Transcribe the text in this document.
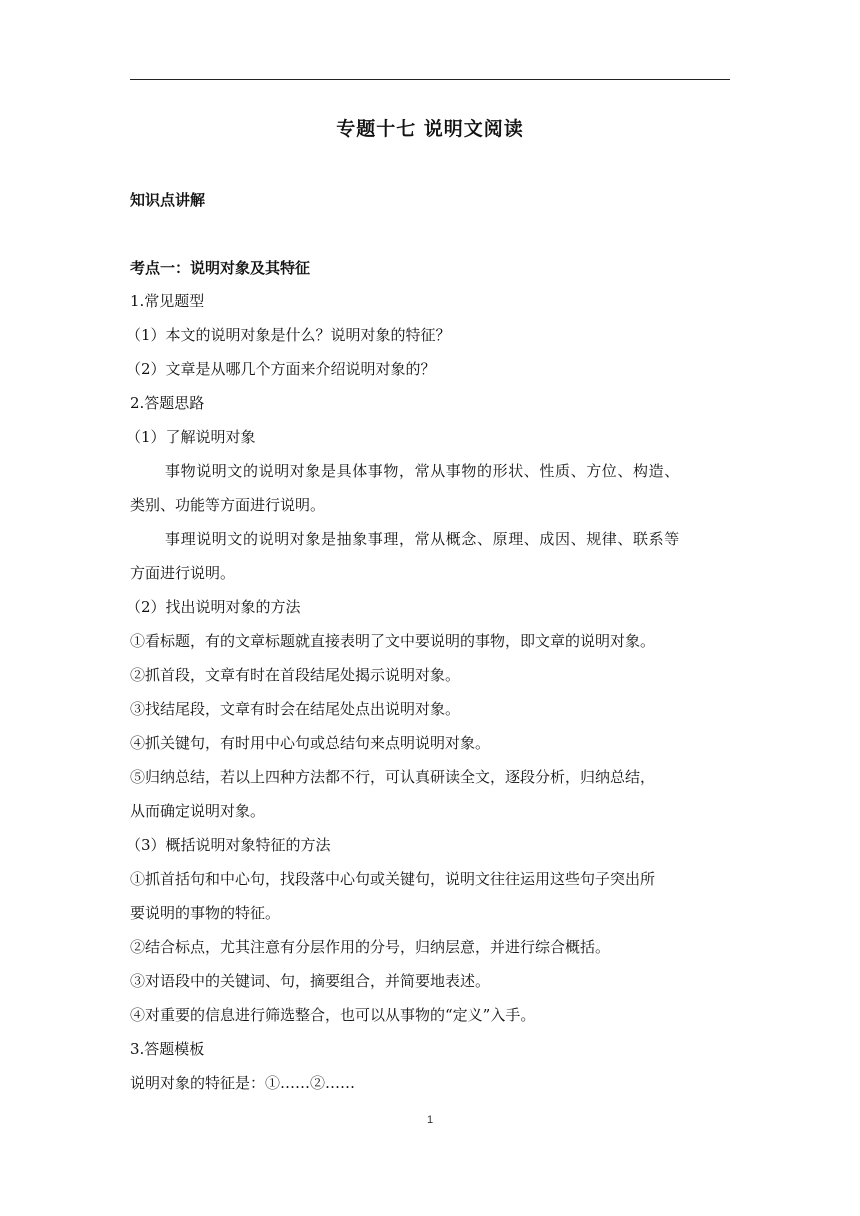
专题十七 说明文阅读
知识点讲解
考点一：说明对象及其特征
1.常见题型
（1）本文的说明对象是什么？说明对象的特征？
（2）文章是从哪几个方面来介绍说明对象的？
2.答题思路
（1）了解说明对象
事物说明文的说明对象是具体事物，常从事物的形状、性质、方位、构造、
类别、功能等方面进行说明。
事理说明文的说明对象是抽象事理，常从概念、原理、成因、规律、联系等
方面进行说明。
（2）找出说明对象的方法
①看标题，有的文章标题就直接表明了文中要说明的事物，即文章的说明对象。
②抓首段，文章有时在首段结尾处揭示说明对象。
③找结尾段，文章有时会在结尾处点出说明对象。
④抓关键句，有时用中心句或总结句来点明说明对象。
⑤归纳总结，若以上四种方法都不行，可认真研读全文，逐段分析，归纳总结，
从而确定说明对象。
（3）概括说明对象特征的方法
①抓首括句和中心句，找段落中心句或关键句，说明文往往运用这些句子突出所
要说明的事物的特征。
②结合标点，尤其注意有分层作用的分号，归纳层意，并进行综合概括。
③对语段中的关键词、句，摘要组合，并简要地表述。
④对重要的信息进行筛选整合，也可以从事物的“定义”入手。
3.答题模板
说明对象的特征是：①……②……
1
